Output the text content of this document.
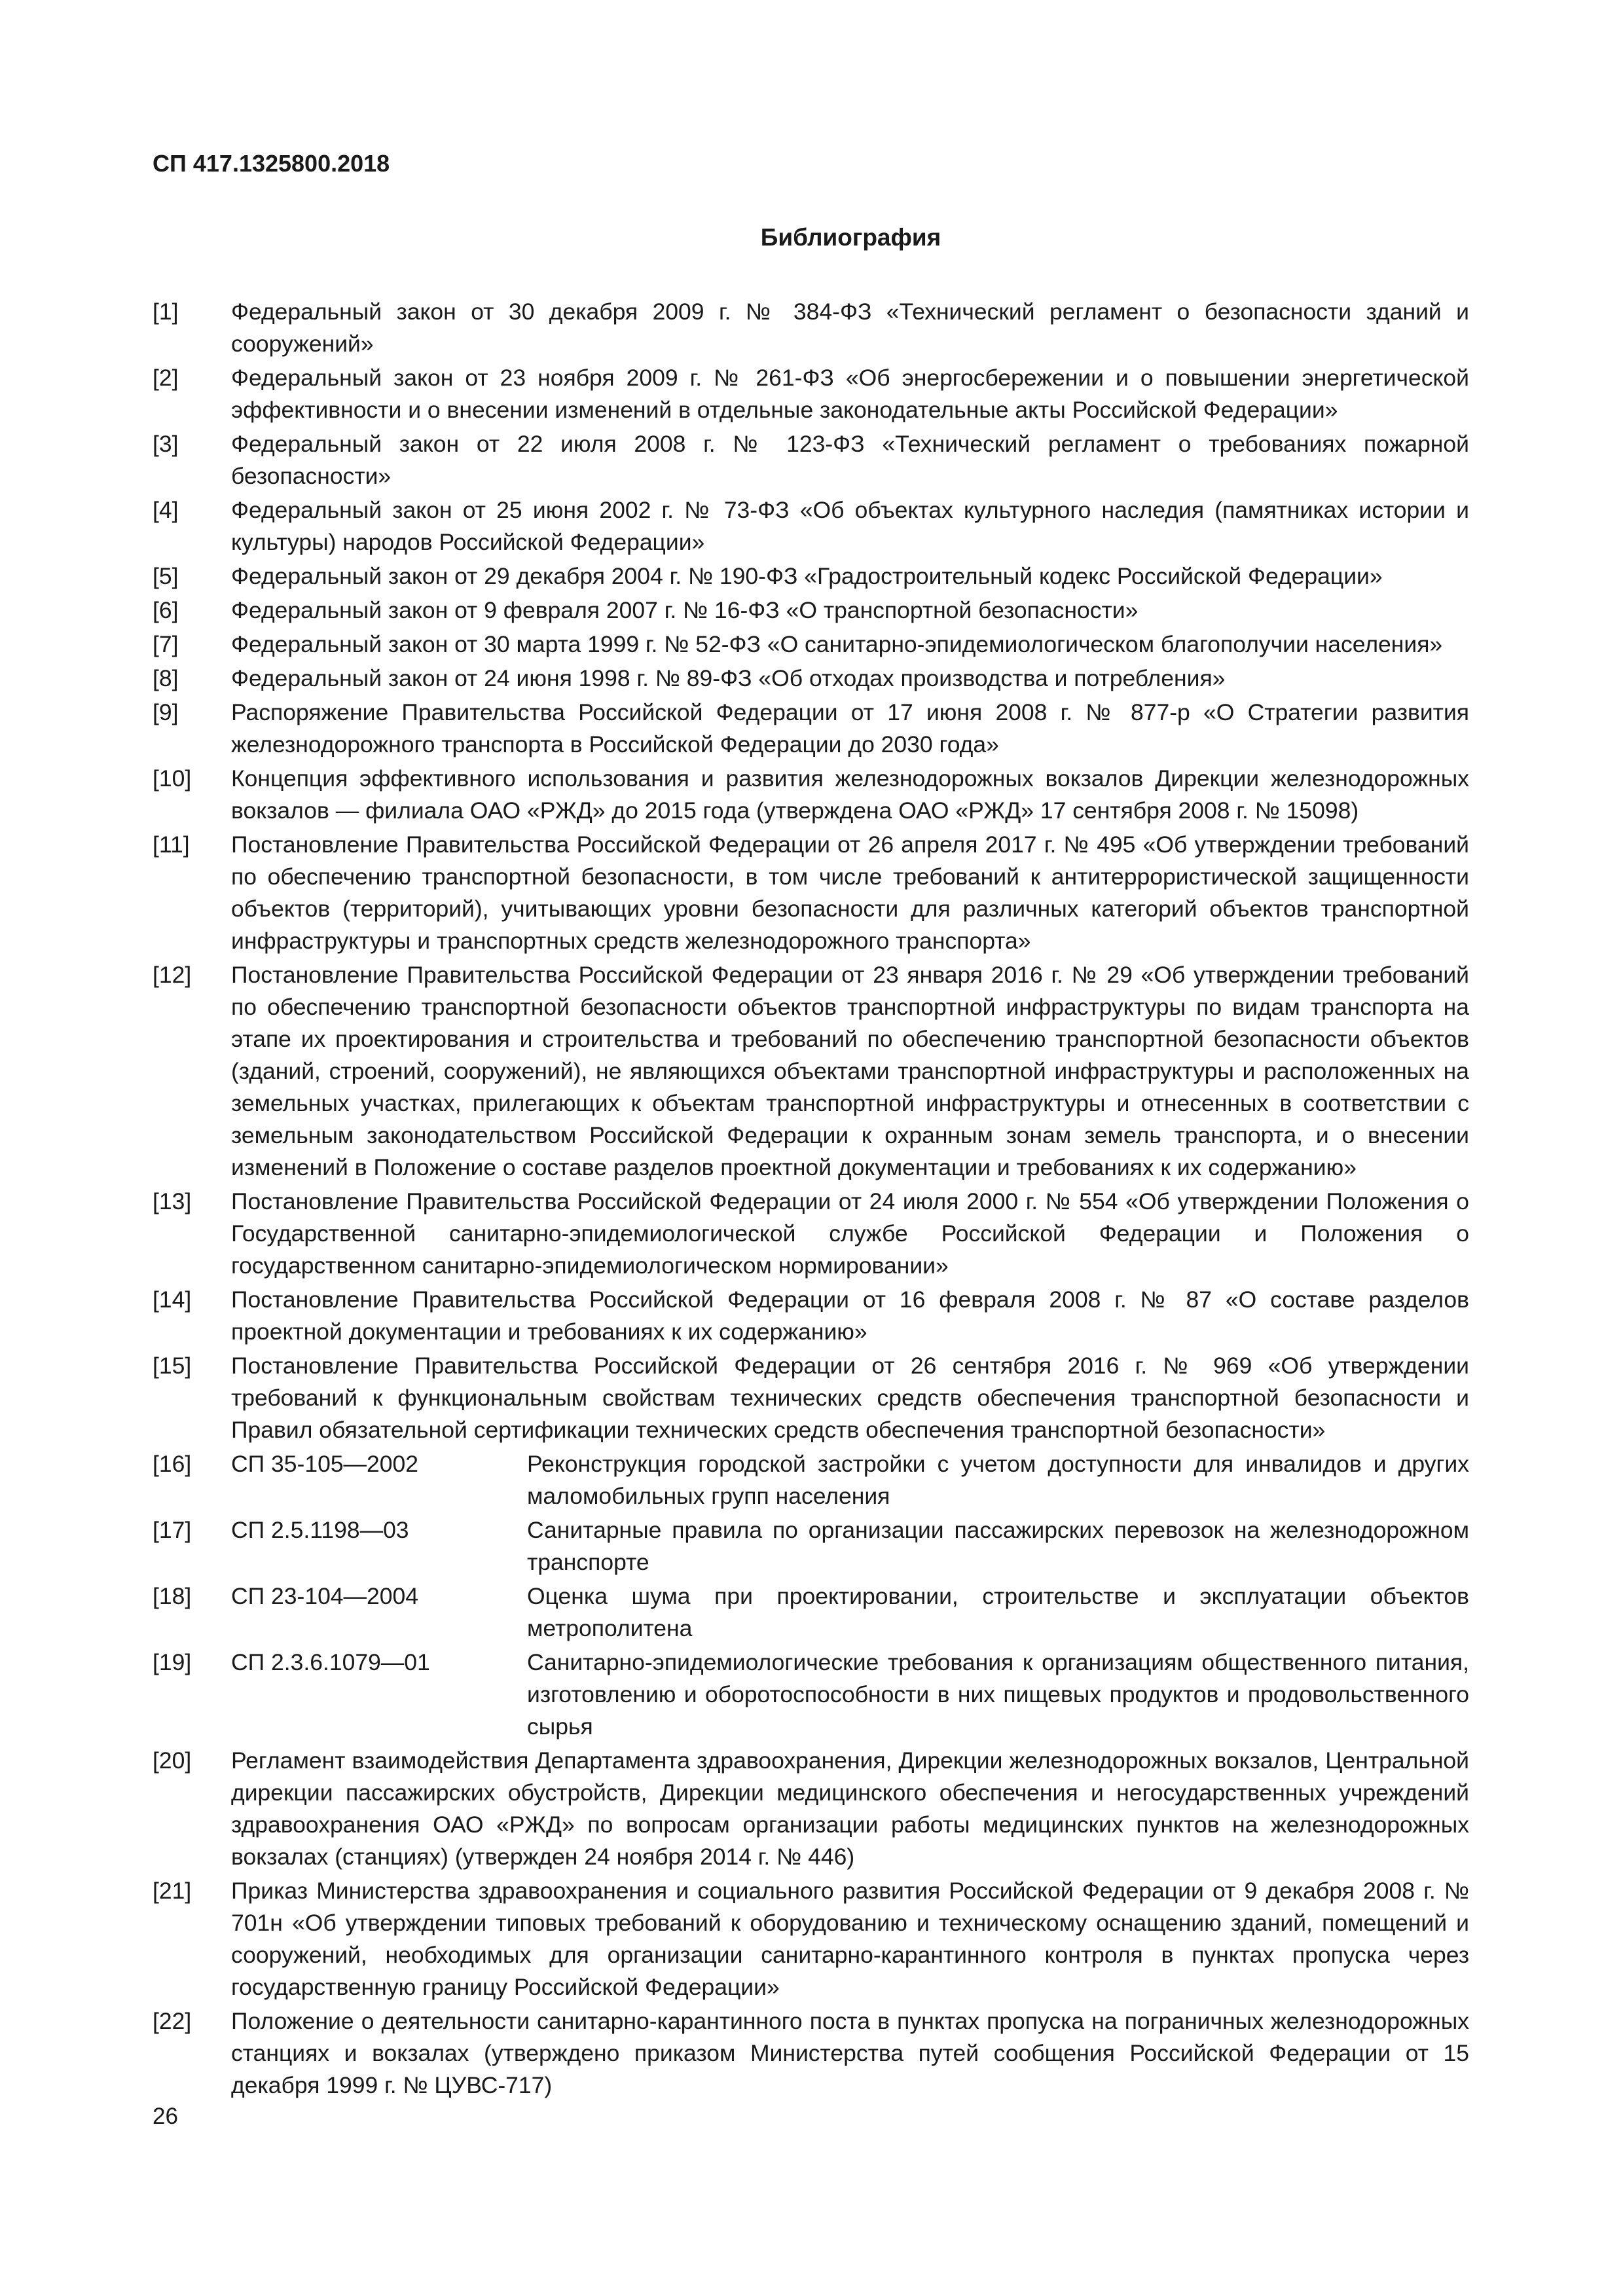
СП 417.1325800.2018
Библиография
[1]	Федеральный закон от 30 декабря 2009 г. № 384-ФЗ «Технический регламент о безопасности зданий и сооружений»
[2]	Федеральный закон от 23 ноября 2009 г. № 261-ФЗ «Об энергосбережении и о повышении энергетической эффективности и о внесении изменений в отдельные законодательные акты Российской Федерации»
[3]	Федеральный закон от 22 июля 2008 г. № 123-ФЗ «Технический регламент о требованиях пожарной безопасности»
[4]	Федеральный закон от 25 июня 2002 г. № 73-ФЗ «Об объектах культурного наследия (памятниках истории и культуры) народов Российской Федерации»
[5]	Федеральный закон от 29 декабря 2004 г. № 190-ФЗ «Градостроительный кодекс Российской Федерации»
[6]	Федеральный закон от 9 февраля 2007 г. № 16-ФЗ «О транспортной безопасности»
[7]	Федеральный закон от 30 марта 1999 г. № 52-ФЗ «О санитарно-эпидемиологическом благополучии населения»
[8]	Федеральный закон от 24 июня 1998 г. № 89-ФЗ «Об отходах производства и потребления»
[9]	Распоряжение Правительства Российской Федерации от 17 июня 2008 г. № 877-р «О Стратегии развития железнодорожного транспорта в Российской Федерации до 2030 года»
[10]	Концепция эффективного использования и развития железнодорожных вокзалов Дирекции железнодорожных вокзалов — филиала ОАО «РЖД» до 2015 года (утверждена ОАО «РЖД» 17 сентября 2008 г. № 15098)
[11]	Постановление Правительства Российской Федерации от 26 апреля 2017 г. № 495 «Об утверждении требований по обеспечению транспортной безопасности, в том числе требований к антитеррористической защищенности объектов (территорий), учитывающих уровни безопасности для различных категорий объектов транспортной инфраструктуры и транспортных средств железнодорожного транспорта»
[12]	Постановление Правительства Российской Федерации от 23 января 2016 г. № 29 «Об утверждении требований по обеспечению транспортной безопасности объектов транспортной инфраструктуры по видам транспорта на этапе их проектирования и строительства и требований по обеспечению транспортной безопасности объектов (зданий, строений, сооружений), не являющихся объектами транспортной инфраструктуры и расположенных на земельных участках, прилегающих к объектам транспортной инфраструктуры и отнесенных в соответствии с земельным законодательством Российской Федерации к охранным зонам земель транспорта, и о внесении изменений в Положение о составе разделов проектной документации и требованиях к их содержанию»
[13]	Постановление Правительства Российской Федерации от 24 июля 2000 г. № 554 «Об утверждении Положения о Государственной санитарно-эпидемиологической службе Российской Федерации и Положения о государственном санитарно-эпидемиологическом нормировании»
[14]	Постановление Правительства Российской Федерации от 16 февраля 2008 г. № 87 «О составе разделов проектной документации и требованиях к их содержанию»
[15]	Постановление Правительства Российской Федерации от 26 сентября 2016 г. № 969 «Об утверждении требований к функциональным свойствам технических средств обеспечения транспортной безопасности и Правил обязательной сертификации технических средств обеспечения транспортной безопасности»
[16]	СП 35-105—2002	Реконструкция городской застройки с учетом доступности для инвалидов и других маломобильных групп населения
[17]	СП 2.5.1198—03	Санитарные правила по организации пассажирских перевозок на железнодорожном транспорте
[18]	СП 23-104—2004	Оценка шума при проектировании, строительстве и эксплуатации объектов метрополитена
[19]	СП 2.3.6.1079—01	Санитарно-эпидемиологические требования к организациям общественного питания, изготовлению и оборотоспособности в них пищевых продуктов и продовольственного сырья
[20]	Регламент взаимодействия Департамента здравоохранения, Дирекции железнодорожных вокзалов, Центральной дирекции пассажирских обустройств, Дирекции медицинского обеспечения и негосударственных учреждений здравоохранения ОАО «РЖД» по вопросам организации работы медицинских пунктов на железнодорожных вокзалах (станциях) (утвержден 24 ноября 2014 г. № 446)
[21]	Приказ Министерства здравоохранения и социального развития Российской Федерации от 9 декабря 2008 г. № 701н «Об утверждении типовых требований к оборудованию и техническому оснащению зданий, помещений и сооружений, необходимых для организации санитарно-карантинного контроля в пунктах пропуска через государственную границу Российской Федерации»
[22]	Положение о деятельности санитарно-карантинного поста в пунктах пропуска на пограничных железнодорожных станциях и вокзалах (утверждено приказом Министерства путей сообщения Российской Федерации от 15 декабря 1999 г. № ЦУВС-717)
26
